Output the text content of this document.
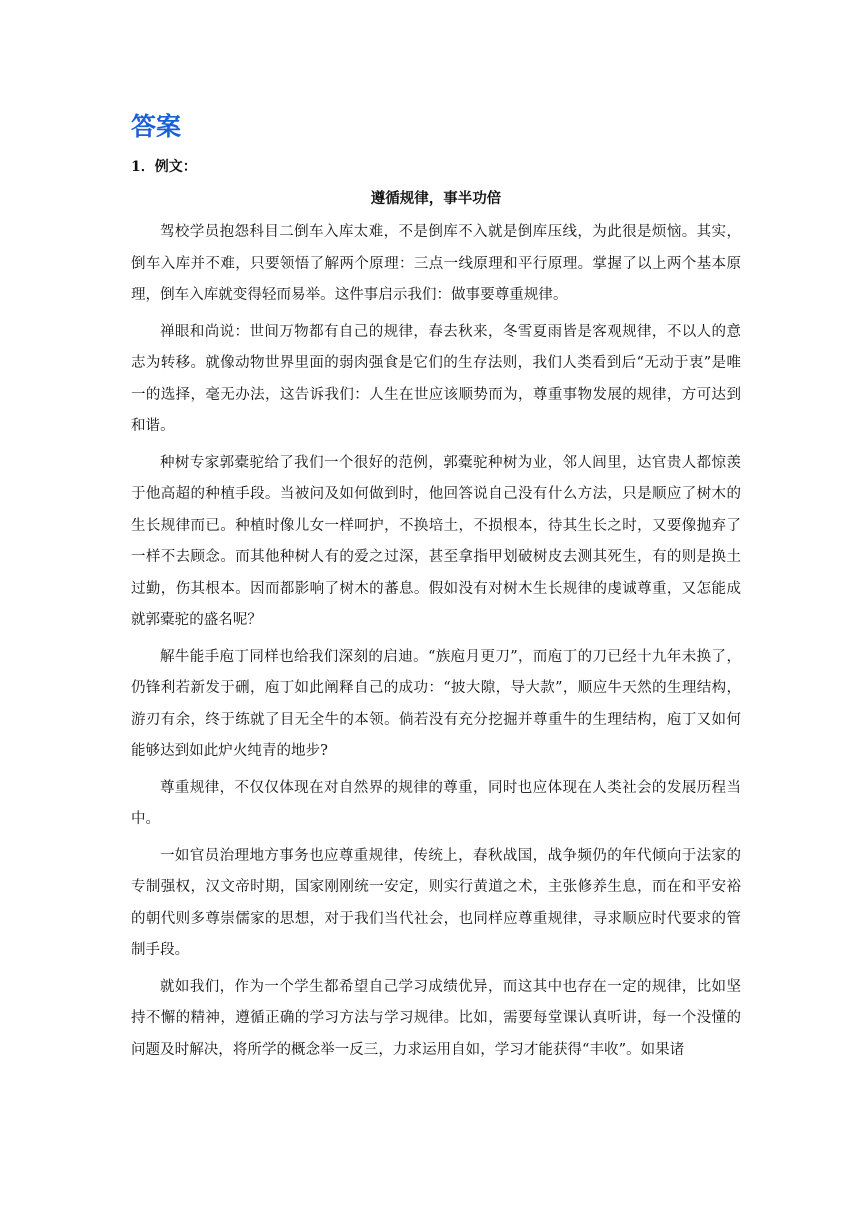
答案
1．例文：
遵循规律，事半功倍

驾校学员抱怨科目二倒车入库太难，不是倒库不入就是倒库压线，为此很是烦恼。其实，倒车入库并不难，只要领悟了解两个原理：三点一线原理和平行原理。掌握了以上两个基本原理，倒车入库就变得轻而易举。这件事启示我们：做事要尊重规律。

禅眼和尚说：世间万物都有自己的规律，春去秋来，冬雪夏雨皆是客观规律，不以人的意志为转移。就像动物世界里面的弱肉强食是它们的生存法则，我们人类看到后“无动于衷”是唯一的选择，毫无办法，这告诉我们：人生在世应该顺势而为，尊重事物发展的规律，方可达到和谐。

种树专家郭橐驼给了我们一个很好的范例，郭橐驼种树为业，邻人闾里，达官贵人都惊羡于他高超的种植手段。当被问及如何做到时，他回答说自己没有什么方法，只是顺应了树木的生长规律而已。种植时像儿女一样呵护，不换培土，不损根本，待其生长之时，又要像抛弃了一样不去顾念。而其他种树人有的爱之过深，甚至拿指甲划破树皮去测其死生，有的则是换土过勤，伤其根本。因而都影响了树木的蕃息。假如没有对树木生长规律的虔诚尊重，又怎能成就郭橐驼的盛名呢？

解牛能手庖丁同样也给我们深刻的启迪。“族庖月更刀”，而庖丁的刀已经十九年未换了，仍锋利若新发于硎，庖丁如此阐释自己的成功：“披大隙，导大款”，顺应牛天然的生理结构，游刃有余，终于练就了目无全牛的本领。倘若没有充分挖掘并尊重牛的生理结构，庖丁又如何能够达到如此炉火纯青的地步?

尊重规律，不仅仅体现在对自然界的规律的尊重，同时也应体现在人类社会的发展历程当中。

一如官员治理地方事务也应尊重规律，传统上，春秋战国，战争频仍的年代倾向于法家的专制强权，汉文帝时期，国家刚刚统一安定，则实行黄道之术，主张修养生息，而在和平安裕的朝代则多尊崇儒家的思想，对于我们当代社会，也同样应尊重规律，寻求顺应时代要求的管制手段。

就如我们，作为一个学生都希望自己学习成绩优异，而这其中也存在一定的规律，比如坚持不懈的精神，遵循正确的学习方法与学习规律。比如，需要每堂课认真听讲，每一个没懂的问题及时解决，将所学的概念举一反三，力求运用自如，学习才能获得“丰收”。如果诸
